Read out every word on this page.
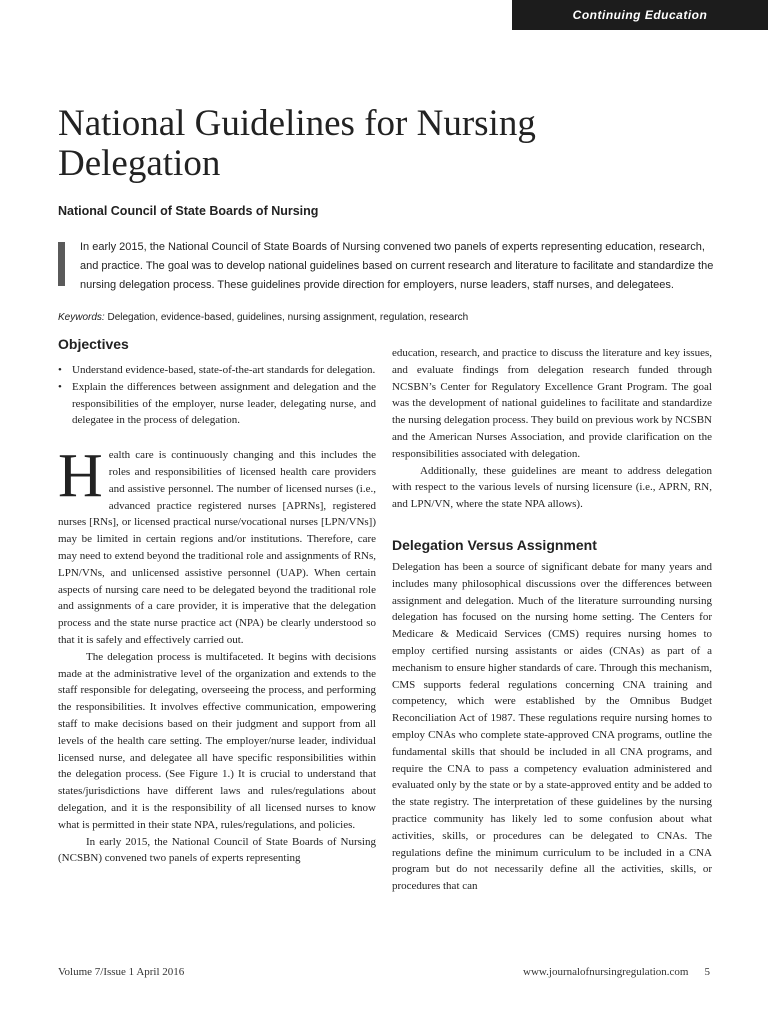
Continuing Education
National Guidelines for Nursing Delegation
National Council of State Boards of Nursing

In early 2015, the National Council of State Boards of Nursing convened two panels of experts representing education, research, and practice. The goal was to develop national guidelines based on current research and literature to facilitate and standardize the nursing delegation process. These guidelines provide direction for employers, nurse leaders, staff nurses, and delegatees.

Keywords: Delegation, evidence-based, guidelines, nursing assignment, regulation, research
Objectives
• Understand evidence-based, state-of-the-art standards for delegation.
• Explain the differences between assignment and delegation and the responsibilities of the employer, nurse leader, delegating nurse, and delegatee in the process of delegation.

Health care is continuously changing and this includes the roles and responsibilities of licensed health care providers and assistive personnel. The number of licensed nurses (i.e., advanced practice registered nurses [APRNs], registered nurses [RNs], or licensed practical nurse/vocational nurses [LPN/VNs]) may be limited in certain regions and/or institutions. Therefore, care may need to extend beyond the traditional role and assignments of RNs, LPN/VNs, and unlicensed assistive personnel (UAP). When certain aspects of nursing care need to be delegated beyond the traditional role and assignments of a care provider, it is imperative that the delegation process and the state nurse practice act (NPA) be clearly understood so that it is safely and effectively carried out.

The delegation process is multifaceted. It begins with decisions made at the administrative level of the organization and extends to the staff responsible for delegating, overseeing the process, and performing the responsibilities. It involves effective communication, empowering staff to make decisions based on their judgment and support from all levels of the health care setting. The employer/nurse leader, individual licensed nurse, and delegatee all have specific responsibilities within the delegation process. (See Figure 1.) It is crucial to understand that states/jurisdictions have different laws and rules/regulations about delegation, and it is the responsibility of all licensed nurses to know what is permitted in their state NPA, rules/regulations, and policies.

In early 2015, the National Council of State Boards of Nursing (NCSBN) convened two panels of experts representing

education, research, and practice to discuss the literature and key issues, and evaluate findings from delegation research funded through NCSBN’s Center for Regulatory Excellence Grant Program. The goal was the development of national guidelines to facilitate and standardize the nursing delegation process. They build on previous work by NCSBN and the American Nurses Association, and provide clarification on the responsibilities associated with delegation.

Additionally, these guidelines are meant to address delegation with respect to the various levels of nursing licensure (i.e., APRN, RN, and LPN/VN, where the state NPA allows).

Delegation Versus Assignment

Delegation has been a source of significant debate for many years and includes many philosophical discussions over the differences between assignment and delegation. Much of the literature surrounding nursing delegation has focused on the nursing home setting. The Centers for Medicare & Medicaid Services (CMS) requires nursing homes to employ certified nursing assistants or aides (CNAs) as part of a mechanism to ensure higher standards of care. Through this mechanism, CMS supports federal regulations concerning CNA training and competency, which were established by the Omnibus Budget Reconciliation Act of 1987. These regulations require nursing homes to employ CNAs who complete state-approved CNA programs, outline the fundamental skills that should be included in all CNA programs, and require the CNA to pass a competency evaluation administered and evaluated only by the state or by a state-approved entity and be added to the state registry. The interpretation of these guidelines by the nursing practice community has likely led to some confusion about what activities, skills, or procedures can be delegated to CNAs. The regulations define the minimum curriculum to be included in a CNA program but do not necessarily define all the activities, skills, or procedures that can

Volume 7/Issue 1 April 2016	www.journalofnursingregulation.com 5
